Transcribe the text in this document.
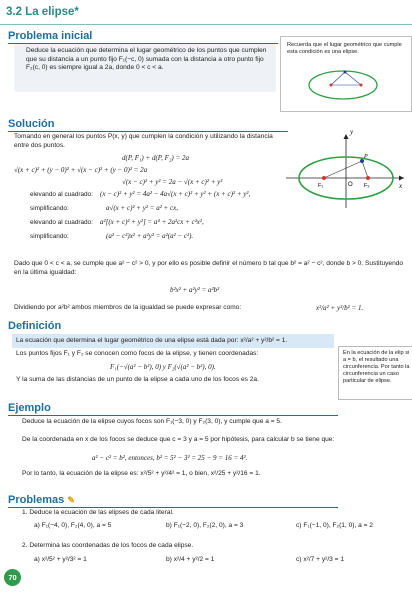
3.2 La elipse*
Problema inicial
Deduce la ecuación que determina el lugar geométrico de los puntos que cumplen que su distancia a un punto fijo F₁(−c, 0) sumada con la distancia a otro punto fijo F₂(c, 0) es siempre igual a 2a, donde 0 < c < a.
Recuerda que el lugar geométrico que cumple esta condición es una elipse.
Solución
Tomando en general los puntos P(x, y) que cumplen la condición y utilizando la distancia entre dos puntos.
d(P, F₁) + d(P, F₂) = 2a
√(x + c)² + (y − 0)² + √(x − c)² + (y − 0)² = 2a
√(x − c)² + y² = 2a − √(x + c)² + y²
elevando al cuadrado: (x − c)² + y² = 4a² − 4a√(x + c)² + y² + (x + c)² + y²,
simplificando:	a√(x + c)² + y² = a² + cx,
elevando al cuadrado: a²[(x + c)² + y²] = a⁴ + 2a²cx + c²x²,
simplificando:	(a² − c²)x² + a²y² = a²(a² − c²).
y
x
O
F₁	F₂
P
Dado que 0 < c < a, se cumple que a² − c² > 0, y por ello es posible definir el número b tal que b² = a² − c², donde b > 0. Sustituyendo en la última igualdad:
b²x² + a²y² = a²b²
Dividiendo por a²b² ambos miembros de la igualdad se puede expresar como:	x²/a² + y²/b² = 1.
Definición
La ecuación que determina el lugar geométrico de una elipse está dada por: x²/a² + y²/b² = 1.
Los puntos fijos F₁ y F₂ se conocen como focos de la elipse, y tienen coordenadas:
F₁(−√(a² − b²), 0) y F₂(√(a² − b²), 0).
Y la suma de las distancias de un punto de la elipse a cada uno de los focos es 2a.
En la ecuación de la elip si a = b, el resultado una circunferencia. Por tanto la circunferencia un caso particular de elipse.
Ejemplo
Deduce la ecuación de la elipse cuyos focos son F₁(−3, 0) y F₂(3, 0), y cumple que a = 5.
De la coordenada en x de los focos se deduce que c = 3 y a = 5 por hipótesis, para calcular b se tiene que:
a² − c² = b², entonces, b² = 5² − 3² = 25 − 9 = 16 = 4².
Por lo tanto, la ecuación de la elipse es: x²/5² + y²/4² = 1, o bien, x²/25 + y²/16 = 1.
Problemas ✎
1. Deduce la ecuación de las elipses de cada literal.
a) F₁(−4, 0), F₂(4, 0), a = 5	b) F₁(−2, 0), F₂(2, 0), a = 3	c) F₁(−1, 0), F₂(1, 0), a = 2
2. Determina las coordenadas de los focos de cada elipse.
a) x²/5² + y²/3² = 1	b) x²/4 + y²/2 = 1	c) x²/7 + y²/3 = 1
70
